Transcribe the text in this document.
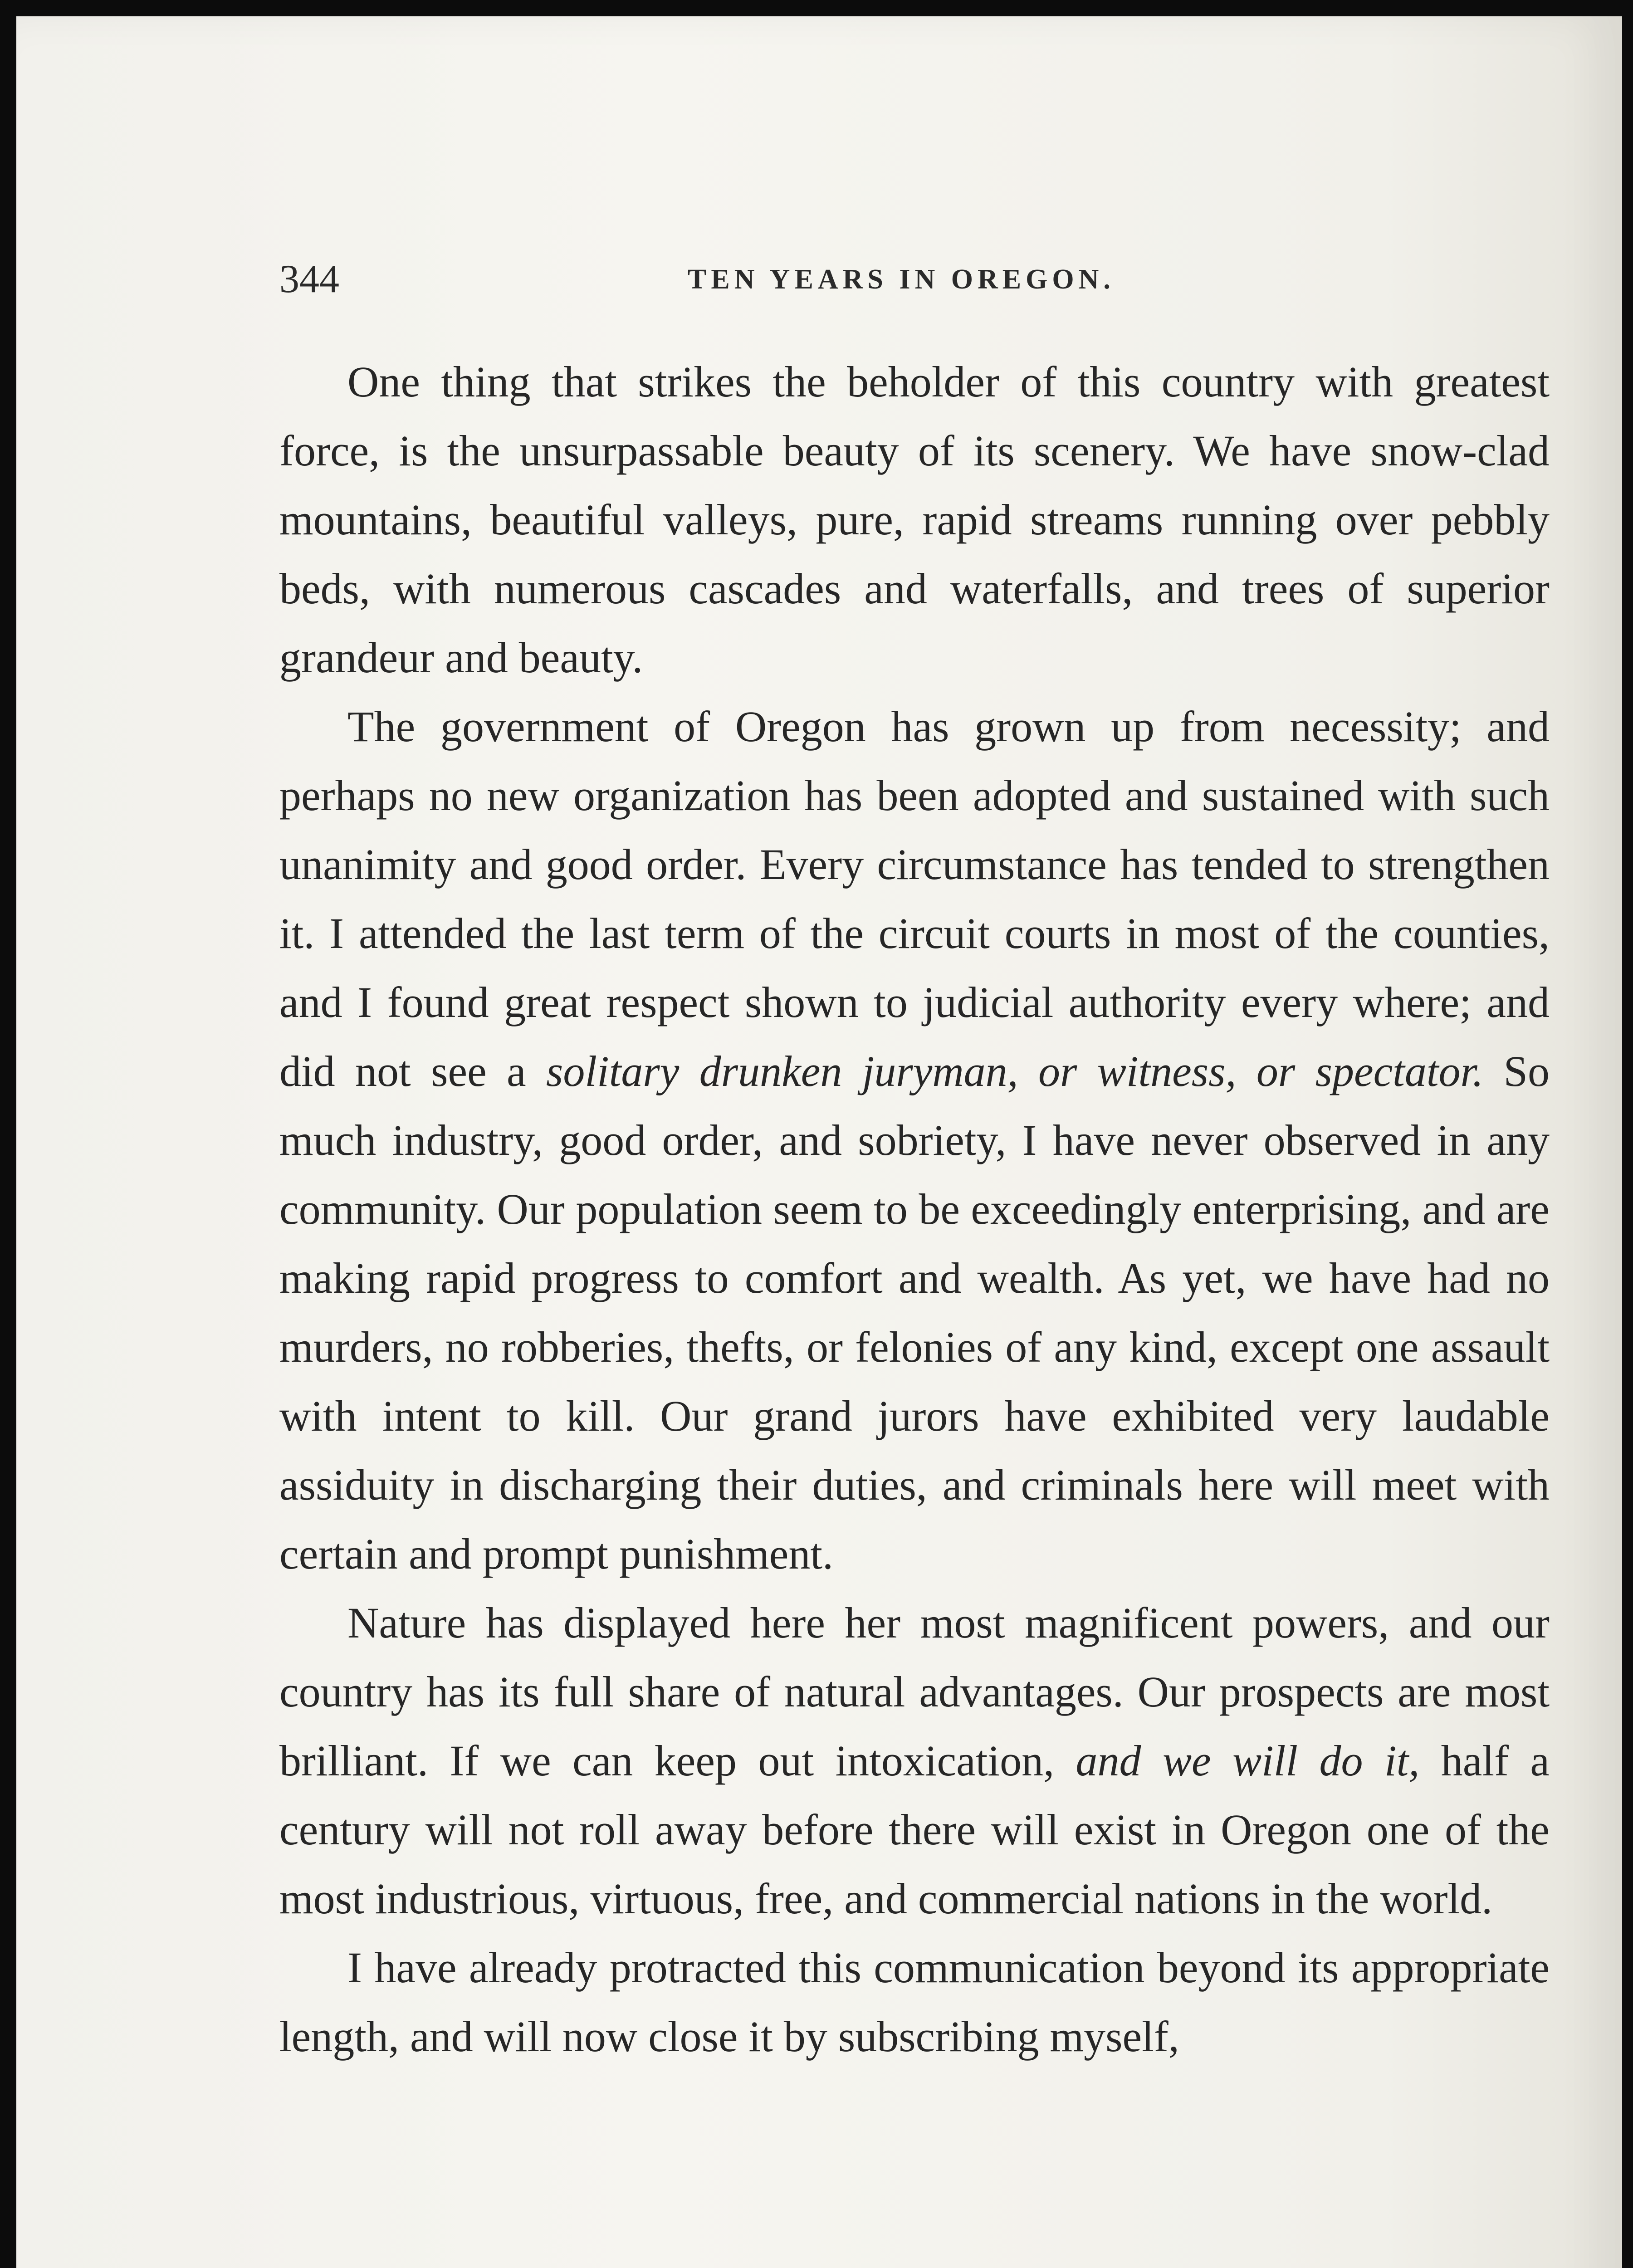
344	TEN YEARS IN OREGON.

One thing that strikes the beholder of this country with greatest force, is the unsurpassable beauty of its scenery. We have snow-clad mountains, beautiful valleys, pure, rapid streams running over pebbly beds, with numerous cascades and waterfalls, and trees of superior grandeur and beauty.

The government of Oregon has grown up from necessity; and perhaps no new organization has been adopted and sustained with such unanimity and good order. Every circumstance has tended to strengthen it. I attended the last term of the circuit courts in most of the counties, and I found great respect shown to judicial authority every where; and did not see a solitary drunken juryman, or witness, or spectator. So much industry, good order, and sobriety, I have never observed in any community. Our population seem to be exceedingly enterprising, and are making rapid progress to comfort and wealth. As yet, we have had no murders, no robberies, thefts, or felonies of any kind, except one assault with intent to kill. Our grand jurors have exhibited very laudable assiduity in discharging their duties, and criminals here will meet with certain and prompt punishment.

Nature has displayed here her most magnificent powers, and our country has its full share of natural advantages. Our prospects are most brilliant. If we can keep out intoxication, and we will do it, half a century will not roll away before there will exist in Oregon one of the most industrious, virtuous, free, and commercial nations in the world.

I have already protracted this communication beyond its appropriate length, and will now close it by subscribing myself,
